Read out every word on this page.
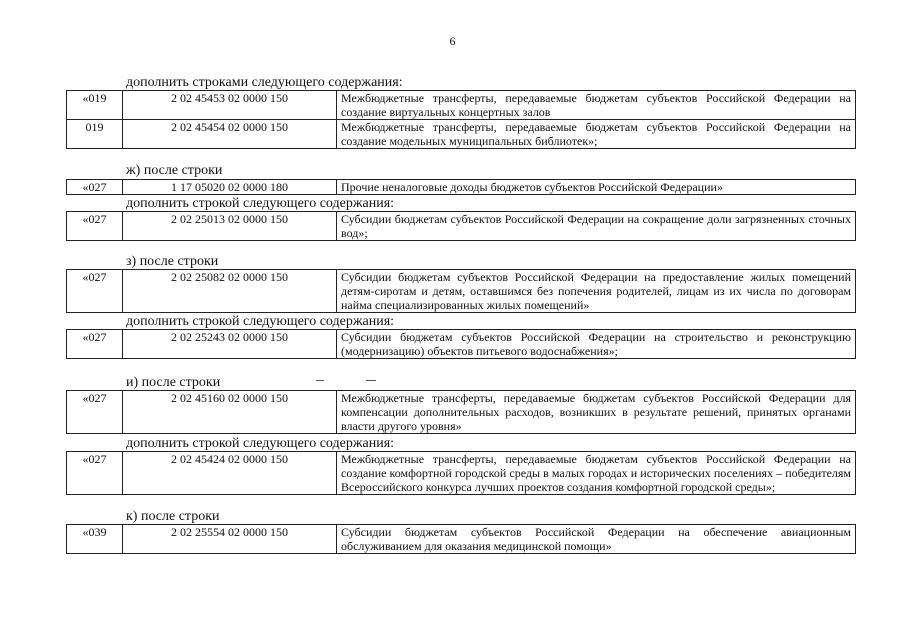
6
дополнить строками следующего содержания:
«019	2 02 45453 02 0000 150	Межбюджетные трансферты, передаваемые бюджетам субъектов Российской Федерации на создание виртуальных концертных залов
019	2 02 45454 02 0000 150	Межбюджетные трансферты, передаваемые бюджетам субъектов Российской Федерации на создание модельных муниципальных библиотек»;
ж) после строки
«027	1 17 05020 02 0000 180	Прочие неналоговые доходы бюджетов субъектов Российской Федерации»
дополнить строкой следующего содержания:
«027	2 02 25013 02 0000 150	Субсидии бюджетам субъектов Российской Федерации на сокращение доли загрязненных сточных вод»;
з) после строки
«027	2 02 25082 02 0000 150	Субсидии бюджетам субъектов Российской Федерации на предоставление жилых помещений детям-сиротам и детям, оставшимся без попечения родителей, лицам из их числа по договорам найма специализированных жилых помещений»
дополнить строкой следующего содержания:
«027	2 02 25243 02 0000 150	Субсидии бюджетам субъектов Российской Федерации на строительство и реконструкцию (модернизацию) объектов питьевого водоснабжения»;
и) после строки
«027	2 02 45160 02 0000 150	Межбюджетные трансферты, передаваемые бюджетам субъектов Российской Федерации для компенсации дополнительных расходов, возникших в результате решений, принятых органами власти другого уровня»
дополнить строкой следующего содержания:
«027	2 02 45424 02 0000 150	Межбюджетные трансферты, передаваемые бюджетам субъектов Российской Федерации на создание комфортной городской среды в малых городах и исторических поселениях – победителям Всероссийского конкурса лучших проектов создания комфортной городской среды»;
к) после строки
«039	2 02 25554 02 0000 150	Субсидии бюджетам субъектов Российской Федерации на обеспечение авиационным обслуживанием для оказания медицинской помощи»
